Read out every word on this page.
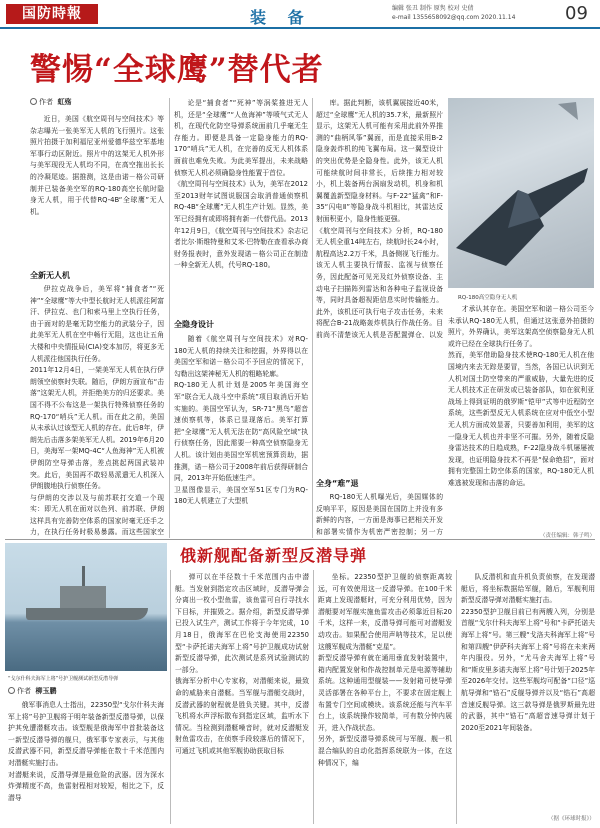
国防時報	装 备	编辑 张丑 制作 原隽 校对 史倩
e-mail 1355658092@qq.com 2020.11.14	09
警惕“全球鹰”替代者
作者 虹殇
近日，美国《航空周刊与空间技术》等杂志曝光一张美军无人机的飞行照片。这张照片拍摄于加利福尼亚州爱德华兹空军基地军事行动区附近。照片中的这架无人机外形与美军现役无人机均不同，在高空拖出长长的冷凝尾迹。据推测，这是由诺－格公司研制并已装备美空军的RQ-180高空长航时隐身无人机，用于代替RQ-4B“全球鹰”无人机。
全新无人机
伊拉克战争后，美军将“捕食者”“死神”“全球鹰”等大中型长航时无人机派往阿富汗、伊拉克、也门和索马里上空执行任务，由于面对的是毫无防空能力的武装分子，因此美军无人机在空中畅行无阻，这也让五角大楼和中央情报局(CIA)变本加厉，将更多无人机派往他国执行任务。
2011年12月4日，一架美军无人机在执行伊朗领空侦察时失联。随后，伊朗方面宣布“击落”这架无人机，并拒绝美方的归还要求。美国不得不公布这是一架执行特殊侦察任务的RQ-170“哨兵”无人机。而在此之前，美国从未承认过该型无人机的存在。此后8年，伊朗先后击落多架美军无人机。2019年6月20日，美海军一架MQ-4C“人鱼海神”无人机被伊朗防空导弹击落，差点挑起两国武装冲突。此后，美国再不敢轻易派遣无人机深入伊朗腹地执行侦察任务。
与伊朗的交涉以及与前苏联打交道一个现实：即无人机在面对以色列、前苏联、伊朗这样具有完善防空体系的国家时毫无还手之力，在执行任务时极易暴露。而这些国家空
论是“捕食者”“死神”等涡桨推进无人机，还是“全球鹰”“人鱼海神”等喷气式无人机，在现代化防空导弹系统面前几乎毫无生存能力。即便是具备一定隐身能力的RQ-170“哨兵”无人机，在完善的反无人机体系面前也难免失败。为此美军提出，未来战略侦察无人机必须确隐身性能置于首位。
《航空周刊与空间技术》认为，美军在2012至2013财年试图说服国会取消普通侦察机RQ-4B“全球鹰”无人机生产计划。显然，美军已经拥有或即将拥有新一代替代品。2013年12月9日，《航空周刊与空间技术》杂志记者比尔·斯维特曼和艾米·巴特勒在查看承办商财务报表时，意外发现诺－格公司正在制造一种全新无人机，代号RQ-180。
全隐身设计
随着《航空周刊与空间技术》对RQ-180无人机的持续关注和挖掘，外界得以在美国空军和诺－格公司不予回应的情况下，勾勒出这架神秘无人机的粗略轮廓。
RQ-180无人机计划是2005年美国海空军“联合无人战斗空中系统”项目取消后开始实施的。美国空军认为，SR-71“黑鸟”超音速侦察机等，体系已显现落后。美军打算把“全球鹰”无人机无法在防“高风险空域”执行侦察任务，因此需要一种高空侦察隐身无人机。该计划由美国空军机密预算资助，据推测，诺－格公司于2008年前后获得研制合同，2013年开始低速生产。
卫星图像显示，美国空军51区专门为RQ-180无人机建立了大型机
库。据此判断，该机翼展接近40米，超过“全球鹰”无人机的35.7米，最新照片显示，这架无人机可能有采用此前外界推测的“曲柄风筝”翼面，而是直接采用B-2隐身轰炸机的纯飞翼布局。这一翼型设计的突出优势是全隐身性。此外，该无人机可能续航时间非常长，后续推力相对较小，机上装备两台涡扇发动机，机身和机翼覆盖新型隐身材料。与F-22“猛禽”和F-35“闪电Ⅱ”等隐身战斗机相比，其雷达反射面积更小，隐身性能更强。
《航空周刊与空间技术》分析，RQ-180无人机全重14吨左右，续航时长24小时，航程高达2.2万千米，具备侧视飞行能力。该无人机主要执行情报、监视与侦察任务，因此配备可见光及红外侦察设备、主动电子扫描阵列雷达和各种电子监视设备等，同时具备超视距信息实时传输能力。此外，该机还可执行电子攻击任务，未来将配合B-21战略轰炸机执行作战任务。目前尚不清楚该无人机是否配置弹仓，以发
全身“难”退
RQ-180无人机曝光后，美国媒体的反响平平，原因是美国在国防上并没有多新鲜的内容，一方面是海事已把相关开发和部署实情作为机密严密控制；另一方
RQ-180高空隐身无人机
才承认其存在。美国空军和诺－格公司至今未承认RQ-180无人机，但通过这张意外拍摄的照片，外界确认，美军这架高空侦察隐身无人机或许已经在全球执行任务了。
然而，美军借助隐身技术使RQ-180无人机在他国境内来去无踪是要冒，当然，各国已认识到无人机对国土防空带来的严重威胁，大量先进的反无人机技术正在研发或已装备部队，如在叙利亚战场上得到证明的俄罗斯“铠甲”式等中近程防空系统，这些新型反无人机系统在应对中低空小型无人机方面成效显著，只要善加利用，美军的这一隐身无人机也并非坚不可摧。另外，随着反隐身雷达技术的日趋成熟，F-22隐身战斗机屡屡被发现，也证明隐身技术不再是“保命绝招”，面对拥有完整国土防空体系的国家，RQ-180无人机难逃被发现和击落的命运。
（责任编辑：韩子鸣）
“戈尔什科夫海军上将”号护卫舰测试新型反潜导弹
俄新舰配备新型反潜导弹
作者 柳玉鹏
俄军事消息人士指出，22350型“戈尔什科夫海军上将”号护卫舰将于明年装备新型反潜导弹，以保护其免遭潜艇攻击。该型舰是俄海军中首批装备这一新型反潜导弹的舰只，俄军事专家表示，与其他反潜武器不同，新型反潜导弹能在数十千米范围内对潜艇实施打击。
对潜艇来说，反潜导弹是最危险的武器。因为深水炸弹精度不高，鱼雷射程相对较短，相比之下，反潜导
弹可以在半径数十千米范围内击中潜艇。当发射到指定攻击区域时，反潜导弹会分离出一枚小型鱼雷，该鱼雷可自行寻找水下目标，并摧毁之。据介绍，新型反潜导弹已投入试生产，测试工作将于今年完成，10月18日，俄海军在巴伦支海使用22350型“卡萨托诺夫海军上将”号护卫舰成功试射新型反潜导弹，此次测试是系列试验测试的一部分。
俄海军分析中心专家称，对潜艇来说，最致命的威胁来自潜艇。当军舰与潜艇交战时，反潜武器的射程就是胜负关键。其中，反潜飞机将水声浮标散布到指定区域，监听水下情况。当检测到潜艇噪音时，就对反潜艇发射鱼雷攻击，在侦察手段较落后的情况下，可通过飞机或其他军舰协助获取目标
坐标。22350型护卫舰的侦察距离较远，可有效使用这一反潜导弹。在100千米距离上发现潜艇时，可充分利用优势，因为潜艇要对军舰实施鱼雷攻击必须靠近目标20千米，这样一来，反潜导弹可能可对潜艇发动攻击。如果配合使用声呐等技术，足以使这艘军舰成为潜艇“克星”。
新型反潜导弹有就在通用垂直发射装置中，箱内配置发射和作战控制单元是电源等辅助系统。这种通用型舰装——发射箱可使导弹灵活部署在各种平台上，不要求在固定舰上布置专门空间或模块。该系统还能与汽车平台上，该系统操作较简单，可有数分钟内展开，进入作战状态。
另外，新型反潜导弹系统可与军舰、舰一机混合编队的自动化指挥系统联为一体，在这种情况下，编
队反潜机和直升机负责侦察，在发现潜艇后，将坐标数据给军舰，随后，军舰利用新型反潜导弹对潜艇实施打击。
22350型护卫舰目前已有两艘入列，分别是首舰“戈尔什科夫海军上将”号和“卡萨托诺夫海军上将”号。第三艘“戈洛夫科海军上将”号和第四艘“伊萨科夫海军上将”号将在未来两年内服役。另外，“尤马舍夫海军上将”号和“斯皮里多诺夫海军上将”号计划于2025年至2026年交付。这些军舰均可配备“口径”巡航导弹和“锆石”反舰导弹并以及“锆石”高超音速反舰导弹。这三款导弹是俄罗斯最先进的武器，其中“锆石”高超音速导弹计划于2020至2021年间装备。
（据《环球时报》）
